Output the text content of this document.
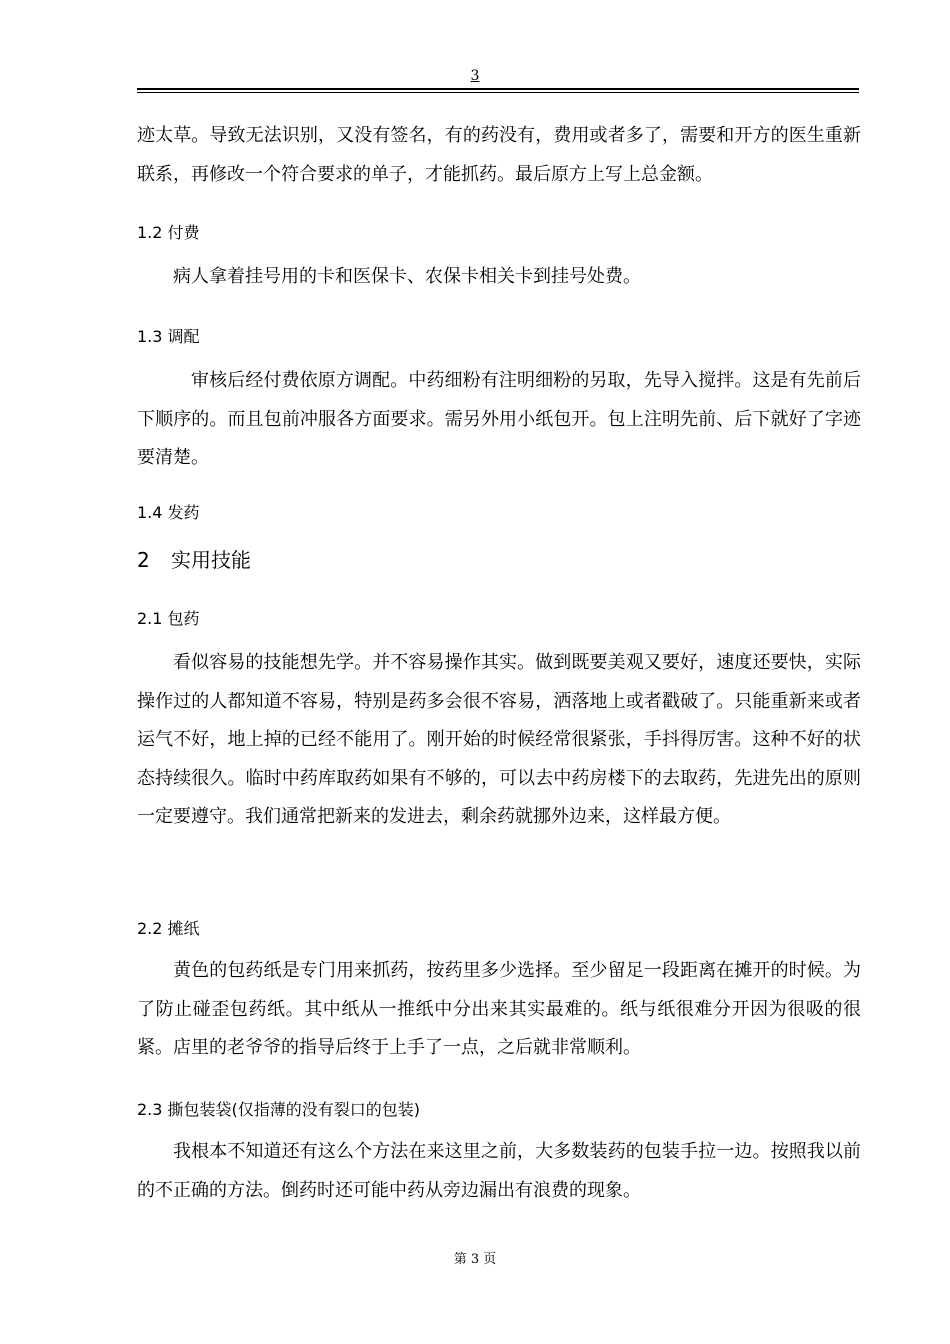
3

迹太草。导致无法识别，又没有签名，有的药没有，费用或者多了，需要和开方的医生重新联系，再修改一个符合要求的单子，才能抓药。最后原方上写上总金额。

1.2 付费

病人拿着挂号用的卡和医保卡、农保卡相关卡到挂号处费。

1.3 调配

审核后经付费依原方调配。中药细粉有注明细粉的另取，先导入搅拌。这是有先前后下顺序的。而且包前冲服各方面要求。需另外用小纸包开。包上注明先前、后下就好了字迹要清楚。

1.4 发药

2 实用技能

2.1 包药

看似容易的技能想先学。并不容易操作其实。做到既要美观又要好，速度还要快，实际操作过的人都知道不容易，特别是药多会很不容易，洒落地上或者戳破了。只能重新来或者运气不好，地上掉的已经不能用了。刚开始的时候经常很紧张，手抖得厉害。这种不好的状态持续很久。临时中药库取药如果有不够的，可以去中药房楼下的去取药，先进先出的原则一定要遵守。我们通常把新来的发进去，剩余药就挪外边来，这样最方便。

2.2 摊纸

黄色的包药纸是专门用来抓药，按药里多少选择。至少留足一段距离在摊开的时候。为了防止碰歪包药纸。其中纸从一推纸中分出来其实最难的。纸与纸很难分开因为很吸的很紧。店里的老爷爷的指导后终于上手了一点，之后就非常顺利。

2.3 撕包装袋(仅指薄的没有裂口的包装)

我根本不知道还有这么个方法在来这里之前，大多数装药的包装手拉一边。按照我以前的不正确的方法。倒药时还可能中药从旁边漏出有浪费的现象。

第 3 页
